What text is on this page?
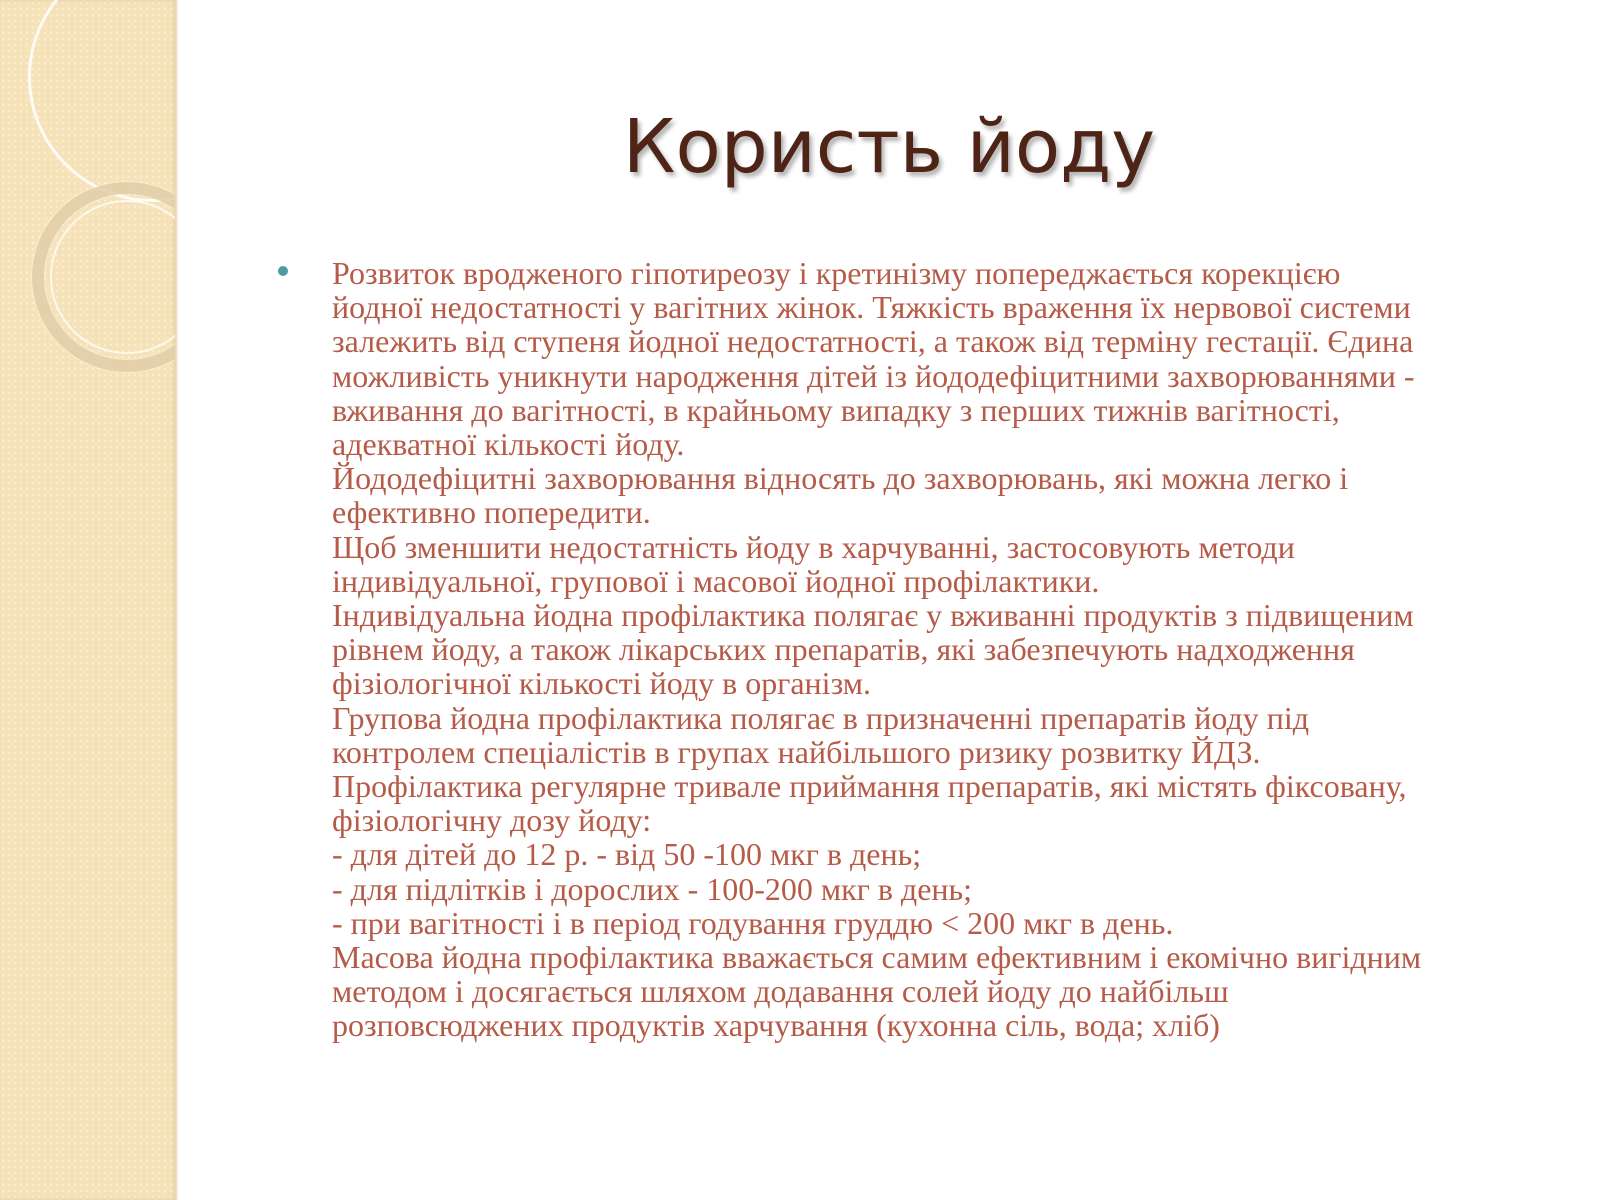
Користь йоду

Розвиток вродженого гіпотиреозу і кретинізму попереджається корекцією
йодної недостатності у вагітних жінок. Тяжкість враження їх нервової системи
залежить від ступеня йодної недостатності, а також від терміну гестації. Єдина
можливість уникнути народження дітей із йододефіцитними захворюваннями -
вживання до вагітності, в крайньому випадку з перших тижнів вагітності,
адекватної кількості йоду.
Йододефіцитні захворювання відносять до захворювань, які можна легко і
ефективно попередити.
Щоб зменшити недостатність йоду в харчуванні, застосовують методи
індивідуальної, групової і масової йодної профілактики.
Індивідуальна йодна профілактика полягає у вживанні продуктів з підвищеним
рівнем йоду, а також лікарських препаратів, які забезпечують надходження
фізіологічної кількості йоду в організм.
Групова йодна профілактика полягає в призначенні препаратів йоду під
контролем спеціалістів в групах найбільшого ризику розвитку ЙДЗ.
Профілактика регулярне тривале приймання препаратів, які містять фіксовану,
фізіологічну дозу йоду:
- для дітей до 12 р. - від 50 -100 мкг в день;
- для підлітків і дорослих - 100-200 мкг в день;
- при вагітності і в період годування груддю < 200 мкг в день.
Масова йодна профілактика вважається самим ефективним і екомічно вигідним
методом і досягається шляхом додавання солей йоду до найбільш
розповсюджених продуктів харчування (кухонна сіль, вода; хліб)
